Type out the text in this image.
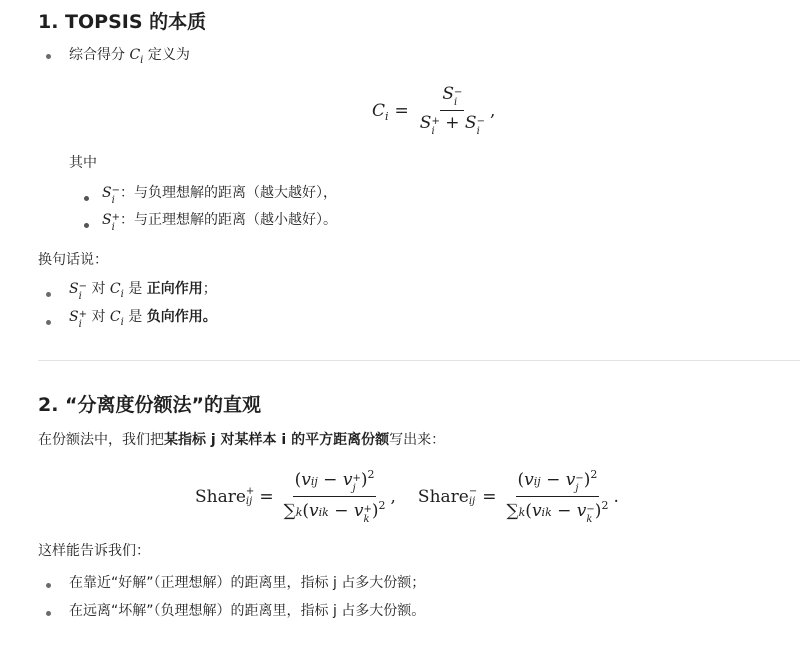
1. TOPSIS 的本质
综合得分 $C_i$ 定义为
C i = S −
i
S +
i + S −
i ,
其中
S −
i ：与负理想解的距离（越大越好），
S +
i ：与正理想解的距离（越小越好）。
换句话说：
S −
i 对 $C_i$ 是 正向作用；
S +
i 对 $C_i$ 是 负向作用。
2. “分离度份额法”的直观
在份额法中，我们把某指标 j 对某样本 i 的平方距离份额写出来：
Share +
ij = (vij − v +
j )$^2$
∑k(vik − v +
k )$^2$ , Share −
ij = (vij − v −
j )$^2$
∑k(vik − v −
k )$^2$ .
这样能告诉我们：
在靠近“好解”（正理想解）的距离里，指标 j 占多大份额；
在远离“坏解”（负理想解）的距离里，指标 j 占多大份额。
